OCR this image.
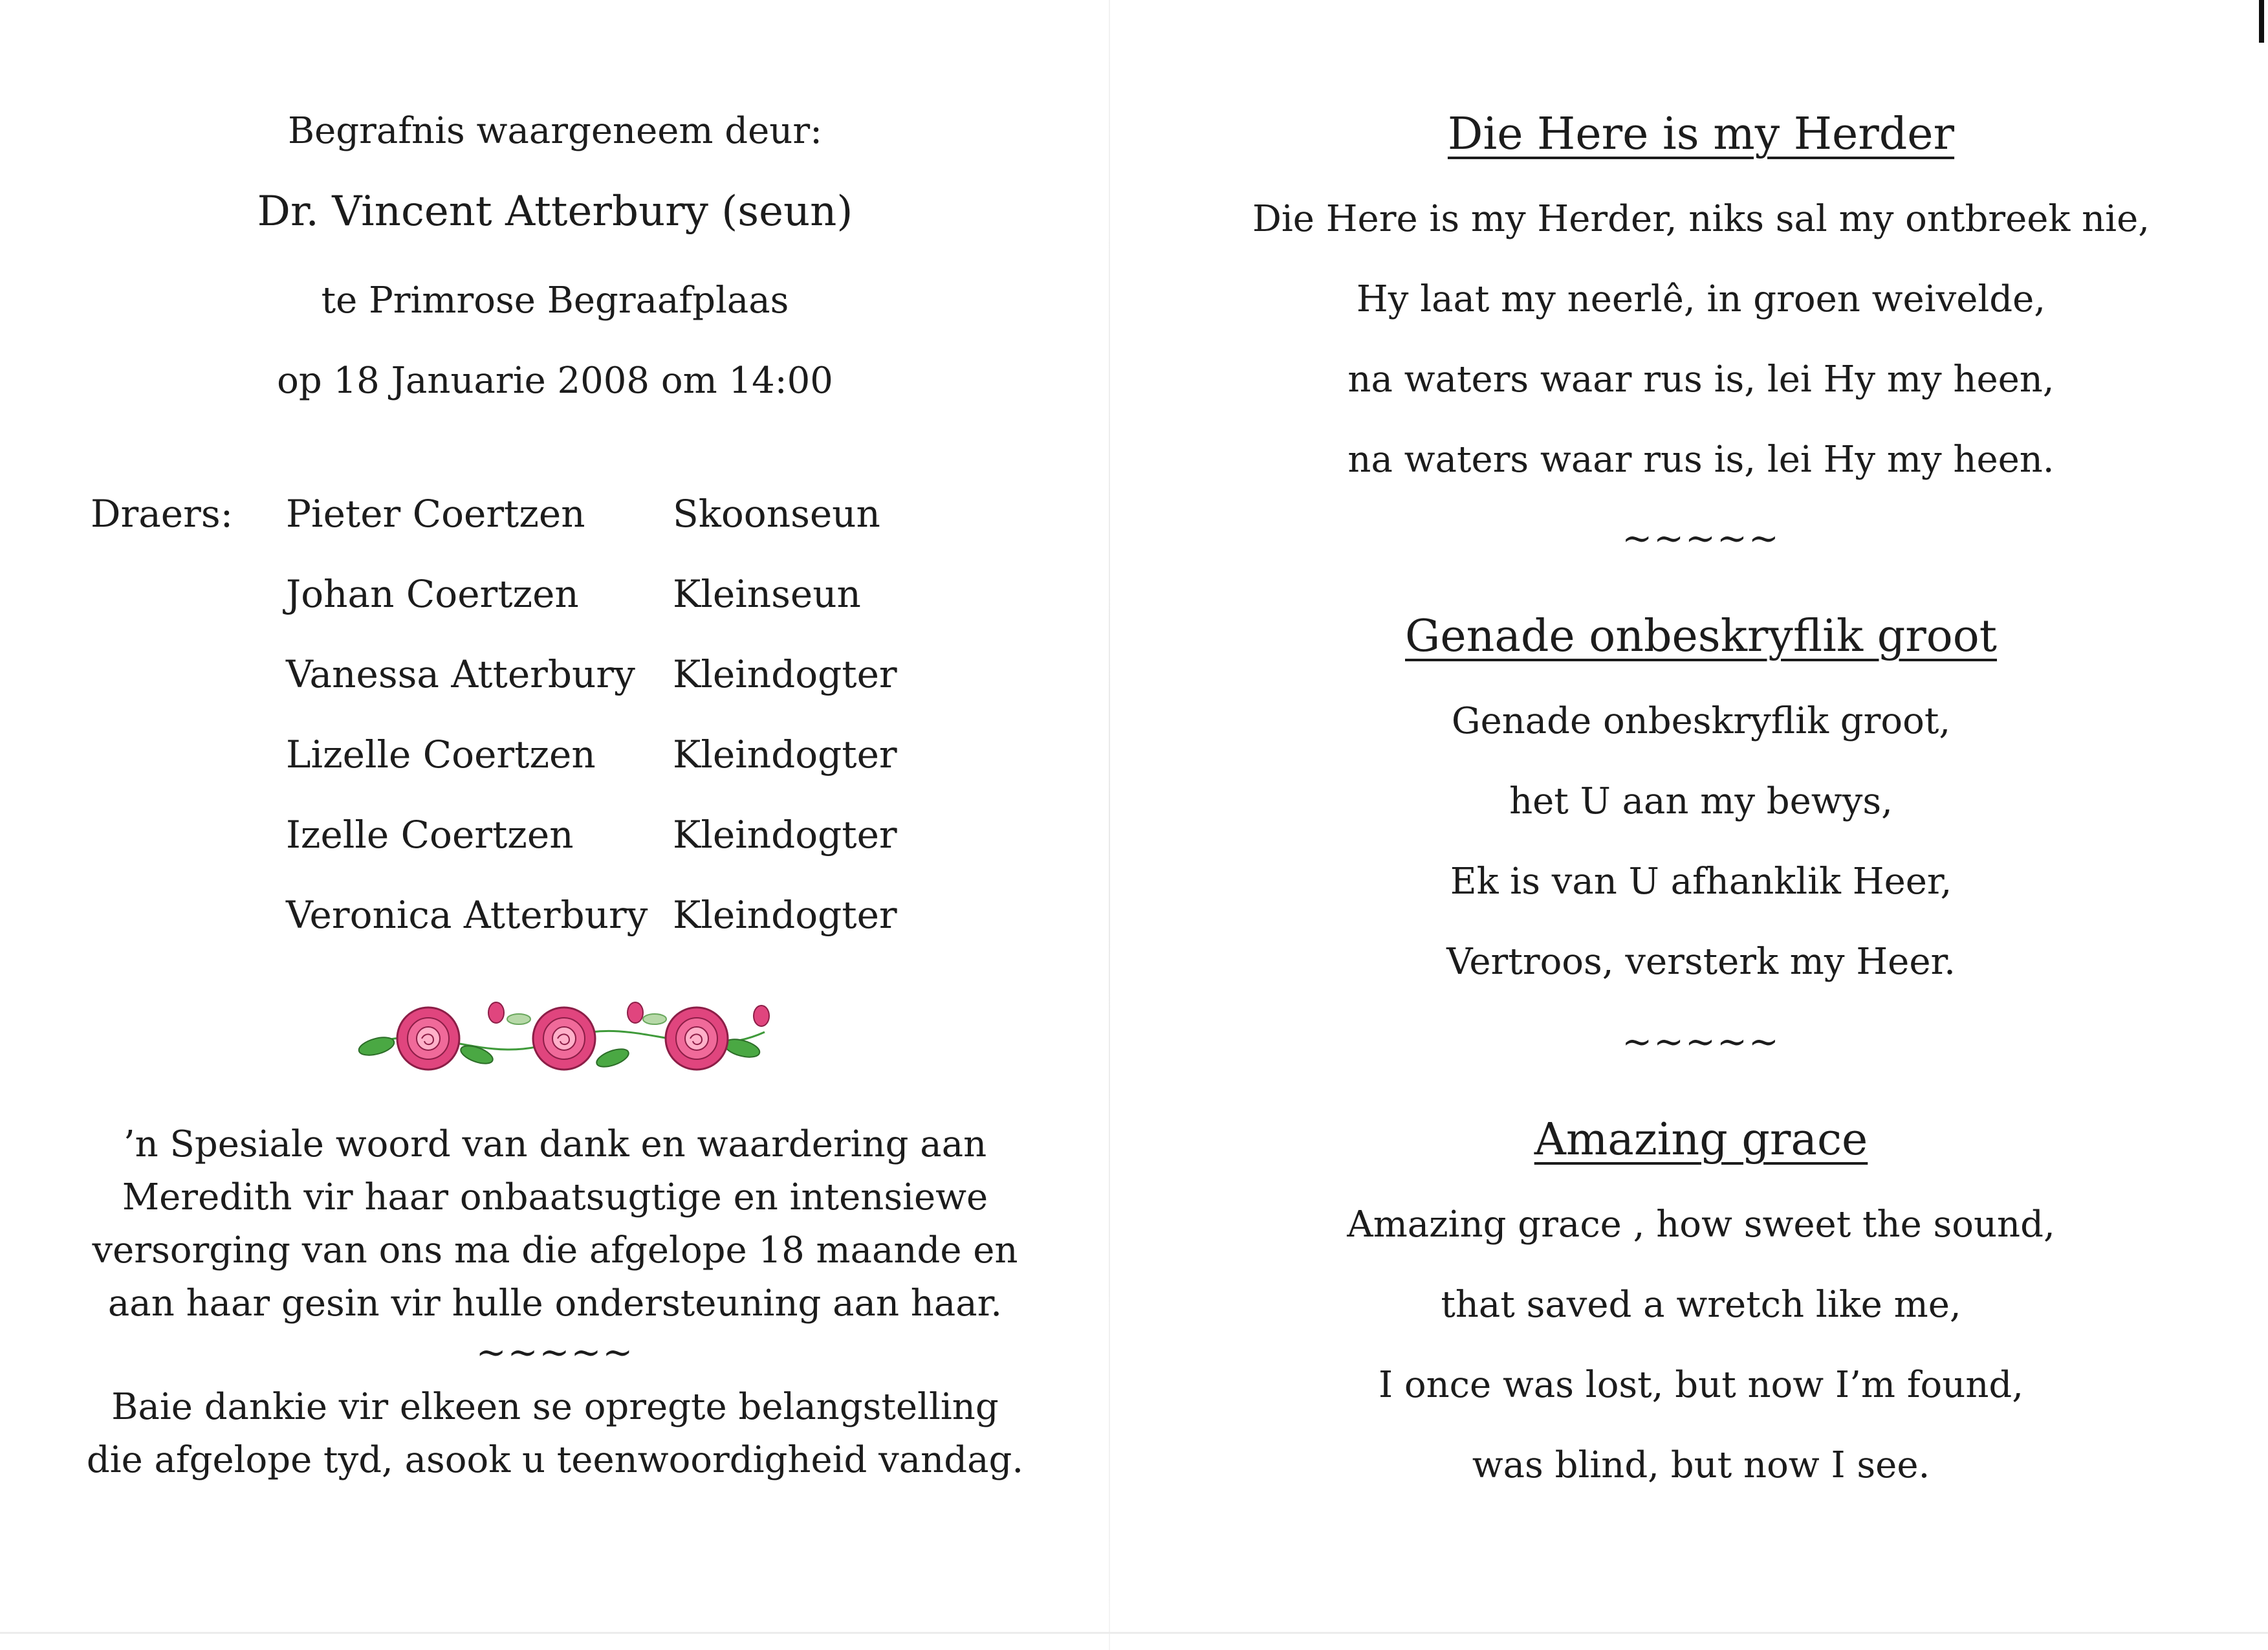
Begrafnis waargeneem deur:
Dr. Vincent Atterbury (seun)
te Primrose Begraafplaas
op 18 Januarie 2008 om 14:00
Draers: Pieter Coertzen Skoonseun
Johan Coertzen	Kleinseun
Vanessa Atterbury Kleindogter
Lizelle Coertzen Kleindogter
Izelle Coertzen	Kleindogter
Veronica Atterbury Kleindogter
’n Spesiale woord van dank en waardering aan
Meredith vir haar onbaatsugtige en intensiewe
versorging van ons ma die afgelope 18 maande en
aan haar gesin vir hulle ondersteuning aan haar.
~~~~~
Baie dankie vir elkeen se opregte belangstelling
die afgelope tyd, asook u teenwoordigheid vandag.
Die Here is my Herder
Die Here is my Herder, niks sal my ontbreek nie,
Hy laat my neerlê, in groen weivelde,
na waters waar rus is, lei Hy my heen,
na waters waar rus is, lei Hy my heen.
~~~~~
Genade onbeskryflik groot
Genade onbeskryflik groot,
het U aan my bewys,
Ek is van U afhanklik Heer,
Vertroos, versterk my Heer.
~~~~~
Amazing grace
Amazing grace , how sweet the sound,
that saved a wretch like me,
I once was lost, but now I’m found,
was blind, but now I see.
